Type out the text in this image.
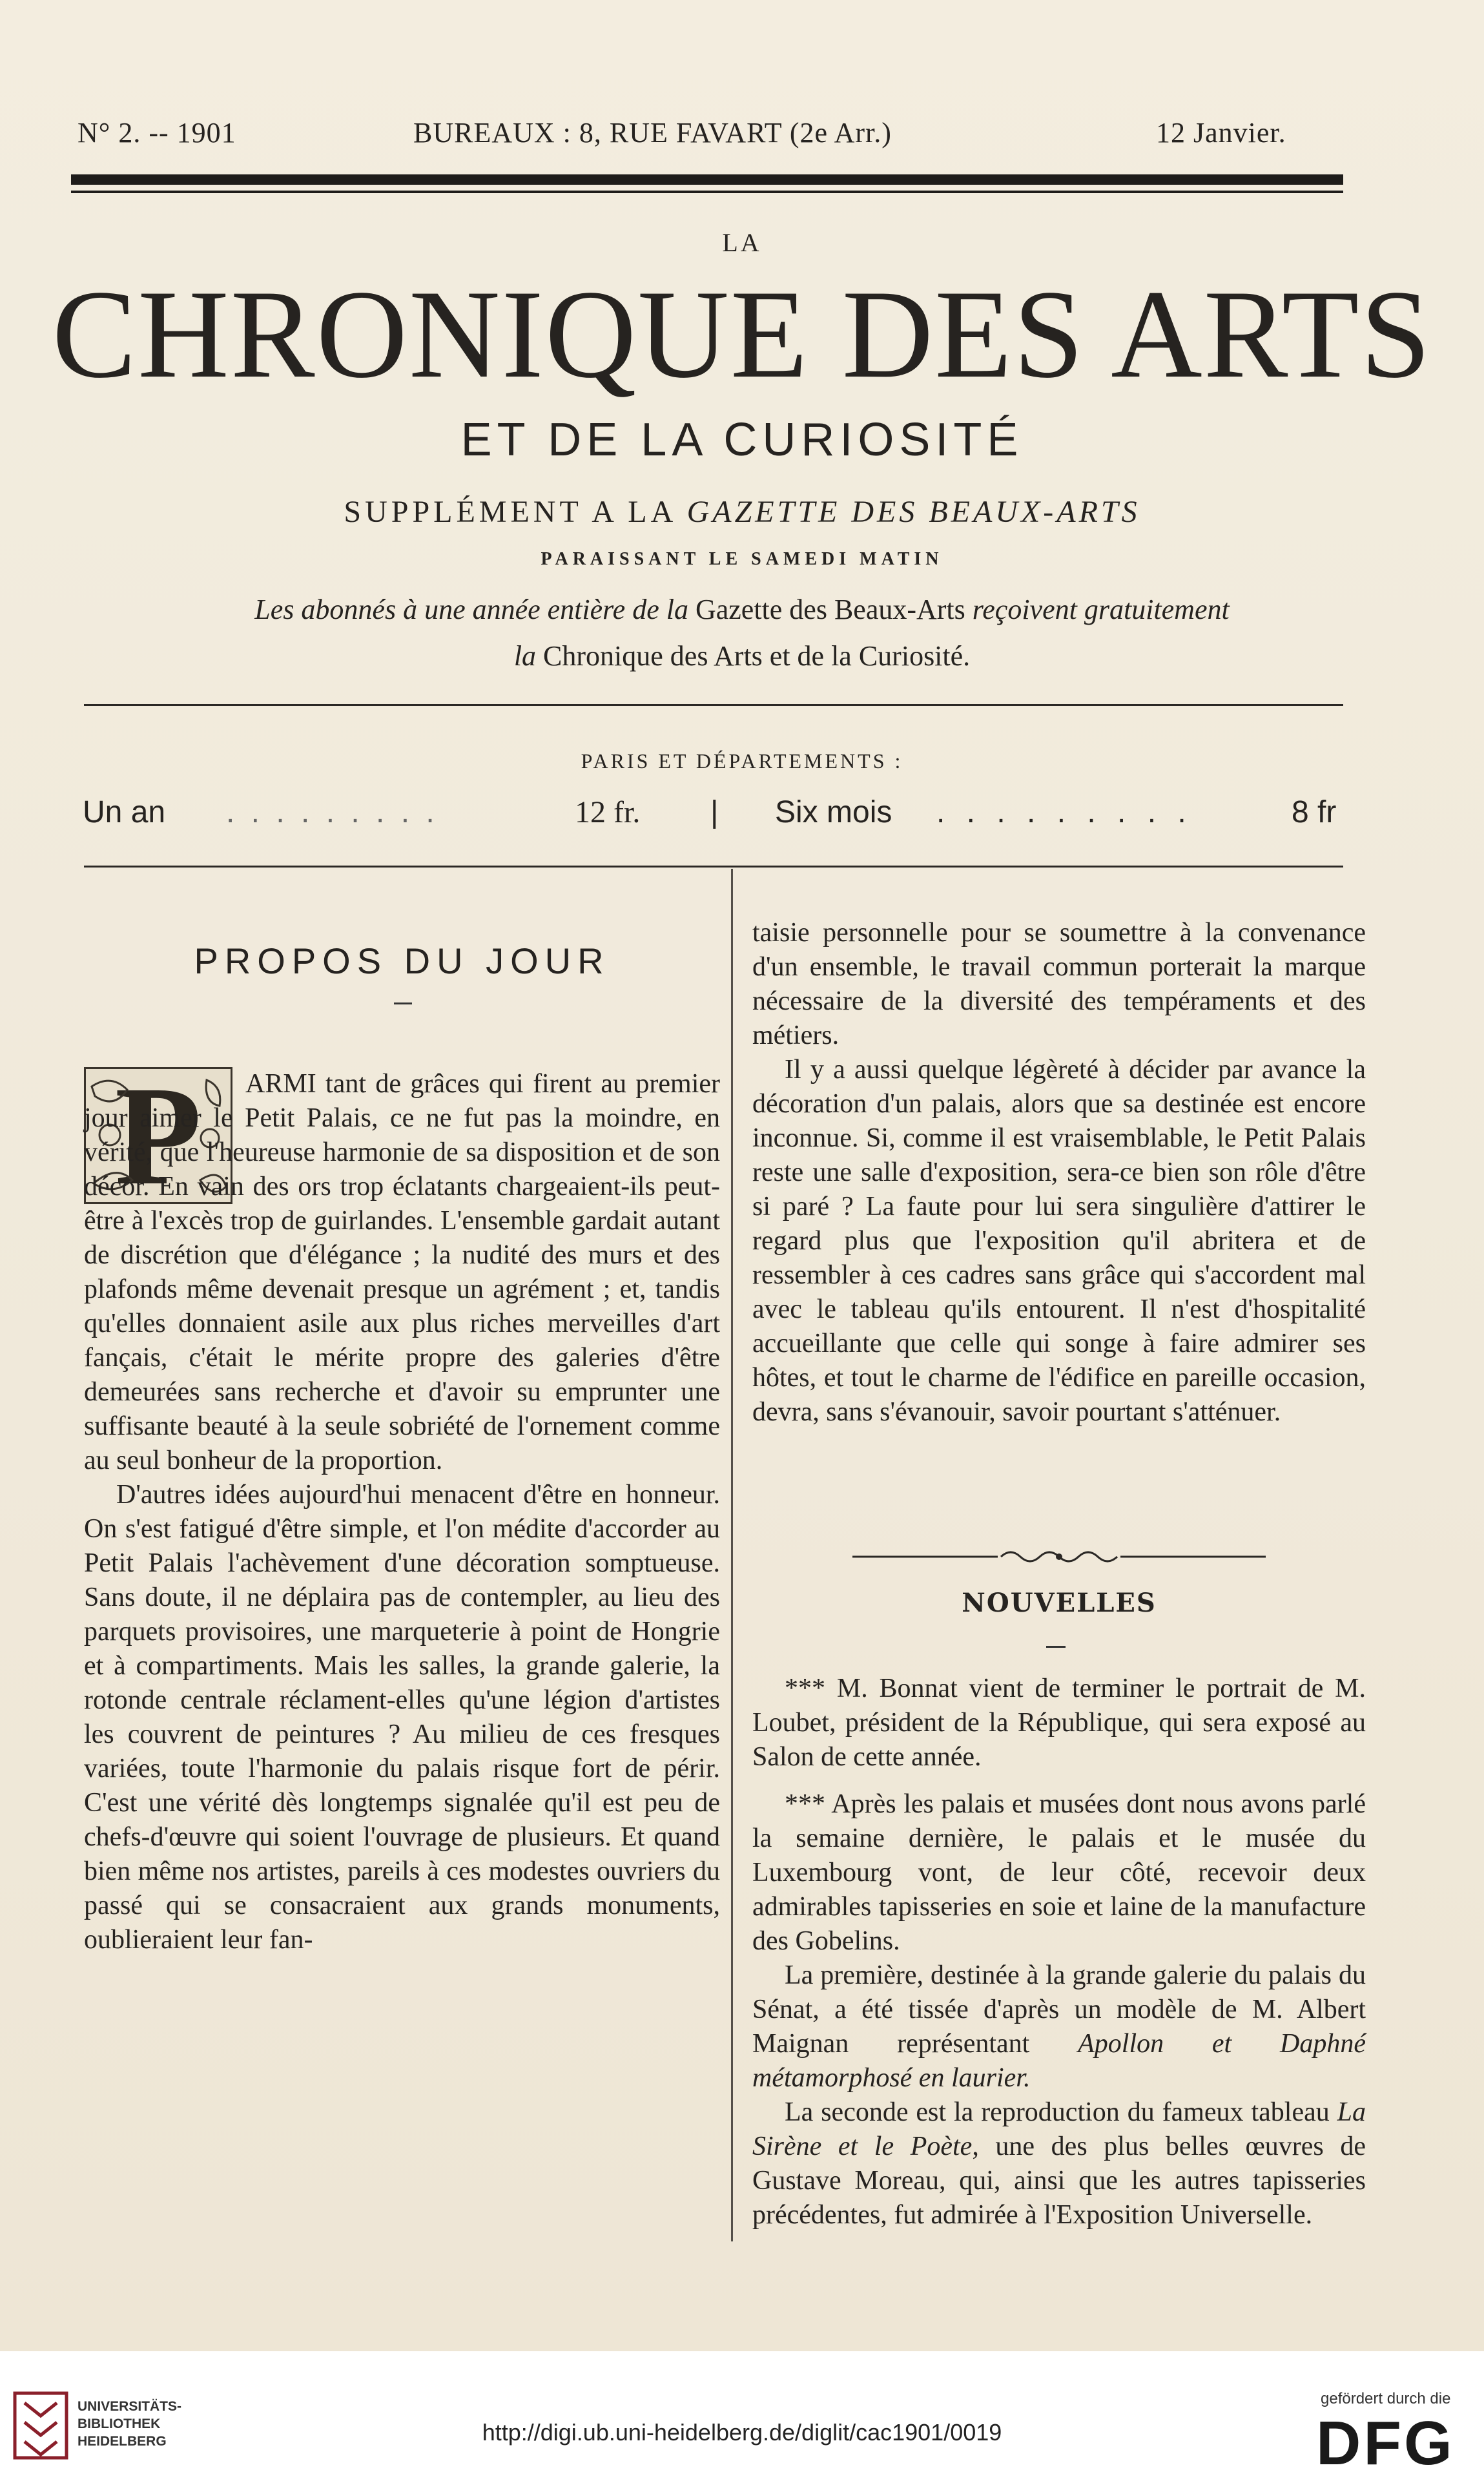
N° 2. -- 1901	BUREAUX : 8, RUE FAVART (2e Arr.)	12 Janvier.
LA
CHRONIQUE DES ARTS
ET DE LA CURIOSITÉ
SUPPLÉMENT A LA GAZETTE DES BEAUX-ARTS
PARAISSANT LE SAMEDI MATIN
Les abonnés à une année entière de la Gazette des Beaux-Arts reçoivent gratuitement
la Chronique des Arts et de la Curiosité.
PARIS ET DÉPARTEMENTS :
Un an . . . . . . . . .	12 fr. | Six mois . . . . . . . . .	8 fr
PROPOS DU JOUR
P	ARMI tant de grâces qui firent au premier jour aimer le Petit Palais, ce ne fut pas la moindre, en vérité, que l'heureuse harmonie de sa disposition et de son décor. En vain des ors trop éclatants chargeaient-ils peut-être à l'excès trop de guirlandes. L'ensemble gardait autant de discrétion que d'élégance ; la nudité des murs et des plafonds même devenait presque un agrément ; et, tandis qu'elles donnaient asile aux plus riches merveilles d'art fançais, c'était le mérite propre des galeries d'être demeurées sans recherche et d'avoir su emprunter une suffisante beauté à la seule sobriété de l'ornement comme au seul bonheur de la proportion.

D'autres idées aujourd'hui menacent d'être en honneur. On s'est fatigué d'être simple, et l'on médite d'accorder au Petit Palais l'achèvement d'une décoration somptueuse. Sans doute, il ne déplaira pas de contempler, au lieu des parquets provisoires, une marqueterie à point de Hongrie et à compartiments. Mais les salles, la grande galerie, la rotonde centrale réclament-elles qu'une légion d'artistes les couvrent de peintures ? Au milieu de ces fresques variées, toute l'harmonie du palais risque fort de périr. C'est une vérité dès longtemps signalée qu'il est peu de chefs-d'œuvre qui soient l'ouvrage de plusieurs. Et quand bien même nos artistes, pareils à ces modestes ouvriers du passé qui se consacraient aux grands monuments, oublieraient leur fan-

taisie personnelle pour se soumettre à la convenance d'un ensemble, le travail commun porterait la marque nécessaire de la diversité des tempéraments et des métiers.

Il y a aussi quelque légèreté à décider par avance la décoration d'un palais, alors que sa destinée est encore inconnue. Si, comme il est vraisemblable, le Petit Palais reste une salle d'exposition, sera-ce bien son rôle d'être si paré ? La faute pour lui sera singulière d'attirer le regard plus que l'exposition qu'il abritera et de ressembler à ces cadres sans grâce qui s'accordent mal avec le tableau qu'ils entourent. Il n'est d'hospitalité accueillante que celle qui songe à faire admirer ses hôtes, et tout le charme de l'édifice en pareille occasion, devra, sans s'évanouir, savoir pourtant s'atténuer.

NOUVELLES

*** M. Bonnat vient de terminer le portrait de M. Loubet, président de la République, qui sera exposé au Salon de cette année.

*** Après les palais et musées dont nous avons parlé la semaine dernière, le palais et le musée du Luxembourg vont, de leur côté, recevoir deux admirables tapisseries en soie et laine de la manufacture des Gobelins.

La première, destinée à la grande galerie du palais du Sénat, a été tissée d'après un modèle de M. Albert Maignan représentant Apollon et Daphné métamorphosé en laurier.

La seconde est la reproduction du fameux tableau La Sirène et le Poète, une des plus belles œuvres de Gustave Moreau, qui, ainsi que les autres tapisseries précédentes, fut admirée à l'Exposition Universelle.

UNIVERSITÄTS-
BIBLIOTHEK
HEIDELBERG	http://digi.ub.uni-heidelberg.de/diglit/cac1901/0019
gefördert durch die
DFG
